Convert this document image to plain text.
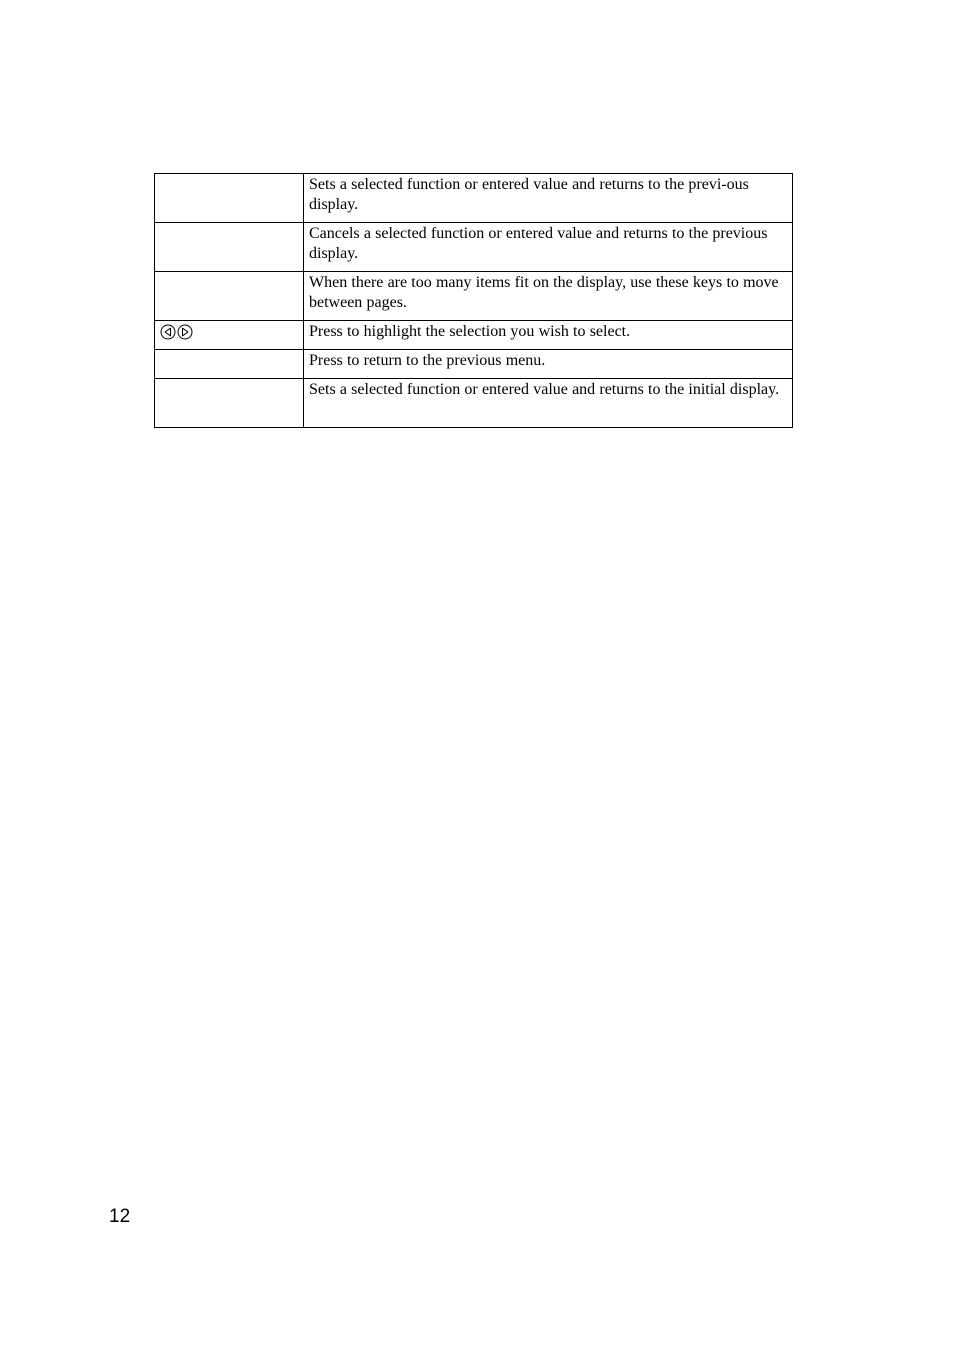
	Sets a selected function or entered value and returns to the previ-ous display.
	Cancels a selected function or entered value and returns to the previous display.
	When there are too many items fit on the display, use these keys to move between pages.

	Press to highlight the selection you wish to select.
	Press to return to the previous menu.
	Sets a selected function or entered value and returns to the initial display.
12
